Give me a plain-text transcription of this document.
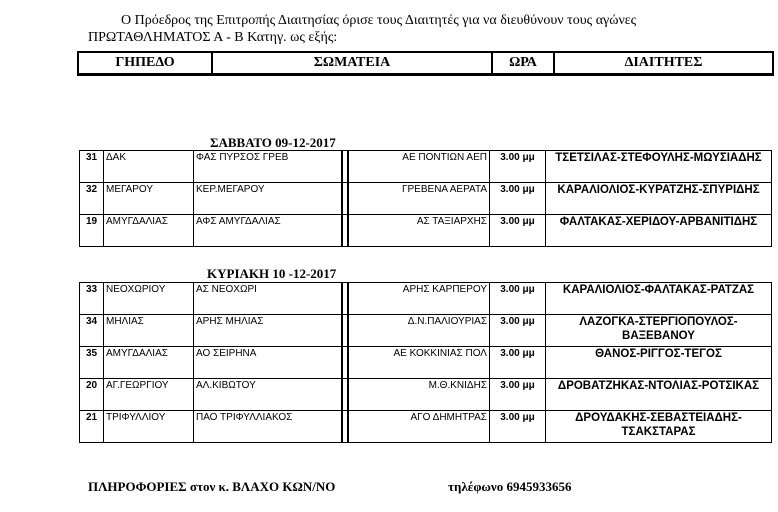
Ο Πρόεδρος της Επιτροπής Διαιτησίας όρισε τους Διαιτητές για να διευθύνουν τους αγώνες
ΠΡΩΤΑΘΛΗΜΑΤΟΣ Α - Β Κατηγ. ως εξής:
ΓΗΠΕΔΟ	ΣΩΜΑΤΕΙΑ	ΩΡΑ	ΔΙΑΙΤΗΤΕΣ
ΣΑΒΒΑΤΟ 09-12-2017
31	ΔΑΚ	ΦΑΣ ΠΥΡΣΟΣ ΓΡΕΒ		ΑΕ ΠΟΝΤΙΩΝ ΑΕΠ	3.00 μμ	ΤΣΕΤΣΙΛΑΣ-ΣΤΕΦΟΥΛΗΣ-ΜΩΥΣΙΑΔΗΣ
32	ΜΕΓΑΡΟΥ	ΚΕΡ.ΜΕΓΑΡΟΥ		ΓΡΕΒΕΝΑ ΑΕΡΑΤΑ	3.00 μμ	ΚΑΡΑΛΙΟΛΙΟΣ-ΚΥΡΑΤΖΗΣ-ΣΠΥΡΙΔΗΣ
19	ΑΜΥΓΔΑΛΙΑΣ	ΑΦΣ ΑΜΥΓΔΑΛΙΑΣ		ΑΣ ΤΑΞΙΑΡΧΗΣ	3.00 μμ	ΦΑΛΤΑΚΑΣ-ΧΕΡΙΔΟΥ-ΑΡΒΑΝΙΤΙΔΗΣ
ΚΥΡΙΑΚΗ 10 -12-2017
33	ΝΕΟΧΩΡΙΟΥ	ΑΣ ΝΕΟΧΩΡΙ		ΑΡΗΣ ΚΑΡΠΕΡΟΥ	3.00 μμ	ΚΑΡΑΛΙΟΛΙΟΣ-ΦΑΛΤΑΚΑΣ-ΡΑΤΖΑΣ
34	ΜΗΛΙΑΣ	ΑΡΗΣ ΜΗΛΙΑΣ		Δ.Ν.ΠΑΛΙΟΥΡΙΑΣ	3.00 μμ	ΛΑΖΟΓΚΑ-ΣΤΕΡΓΙΟΠΟΥΛΟΣ-ΒΑΞΕΒΑΝΟΥ
35	ΑΜΥΓΔΑΛΙΑΣ	ΑΟ ΣΕΙΡΗΝΑ		ΑΕ ΚΟΚΚΙΝΙΑΣ ΠΟΛ	3.00 μμ	ΘΑΝΟΣ-ΡΙΓΓΟΣ-ΤΕΓΟΣ
20	ΑΓ.ΓΕΩΡΓΙΟΥ	ΑΛ.ΚΙΒΩΤΟΥ		Μ.Θ.ΚΝΙΔΗΣ	3.00 μμ	ΔΡΟΒΑΤΖΗΚΑΣ-ΝΤΟΛΙΑΣ-ΡΟΤΣΙΚΑΣ
21	ΤΡΙΦΥΛΛΙΟΥ	ΠΑΟ ΤΡΙΦΥΛΛΙΑΚΟΣ		ΑΓΟ ΔΗΜΗΤΡΑΣ	3.00 μμ	ΔΡΟΥΔΑΚΗΣ-ΣΕΒΑΣΤΕΙΑΔΗΣ-ΤΣΑΚΣΤΑΡΑΣ
ΠΛΗΡΟΦΟΡΙΕΣ στον κ. ΒΛΑΧΟ ΚΩΝ/ΝΟ	τηλέφωνο 6945933656
